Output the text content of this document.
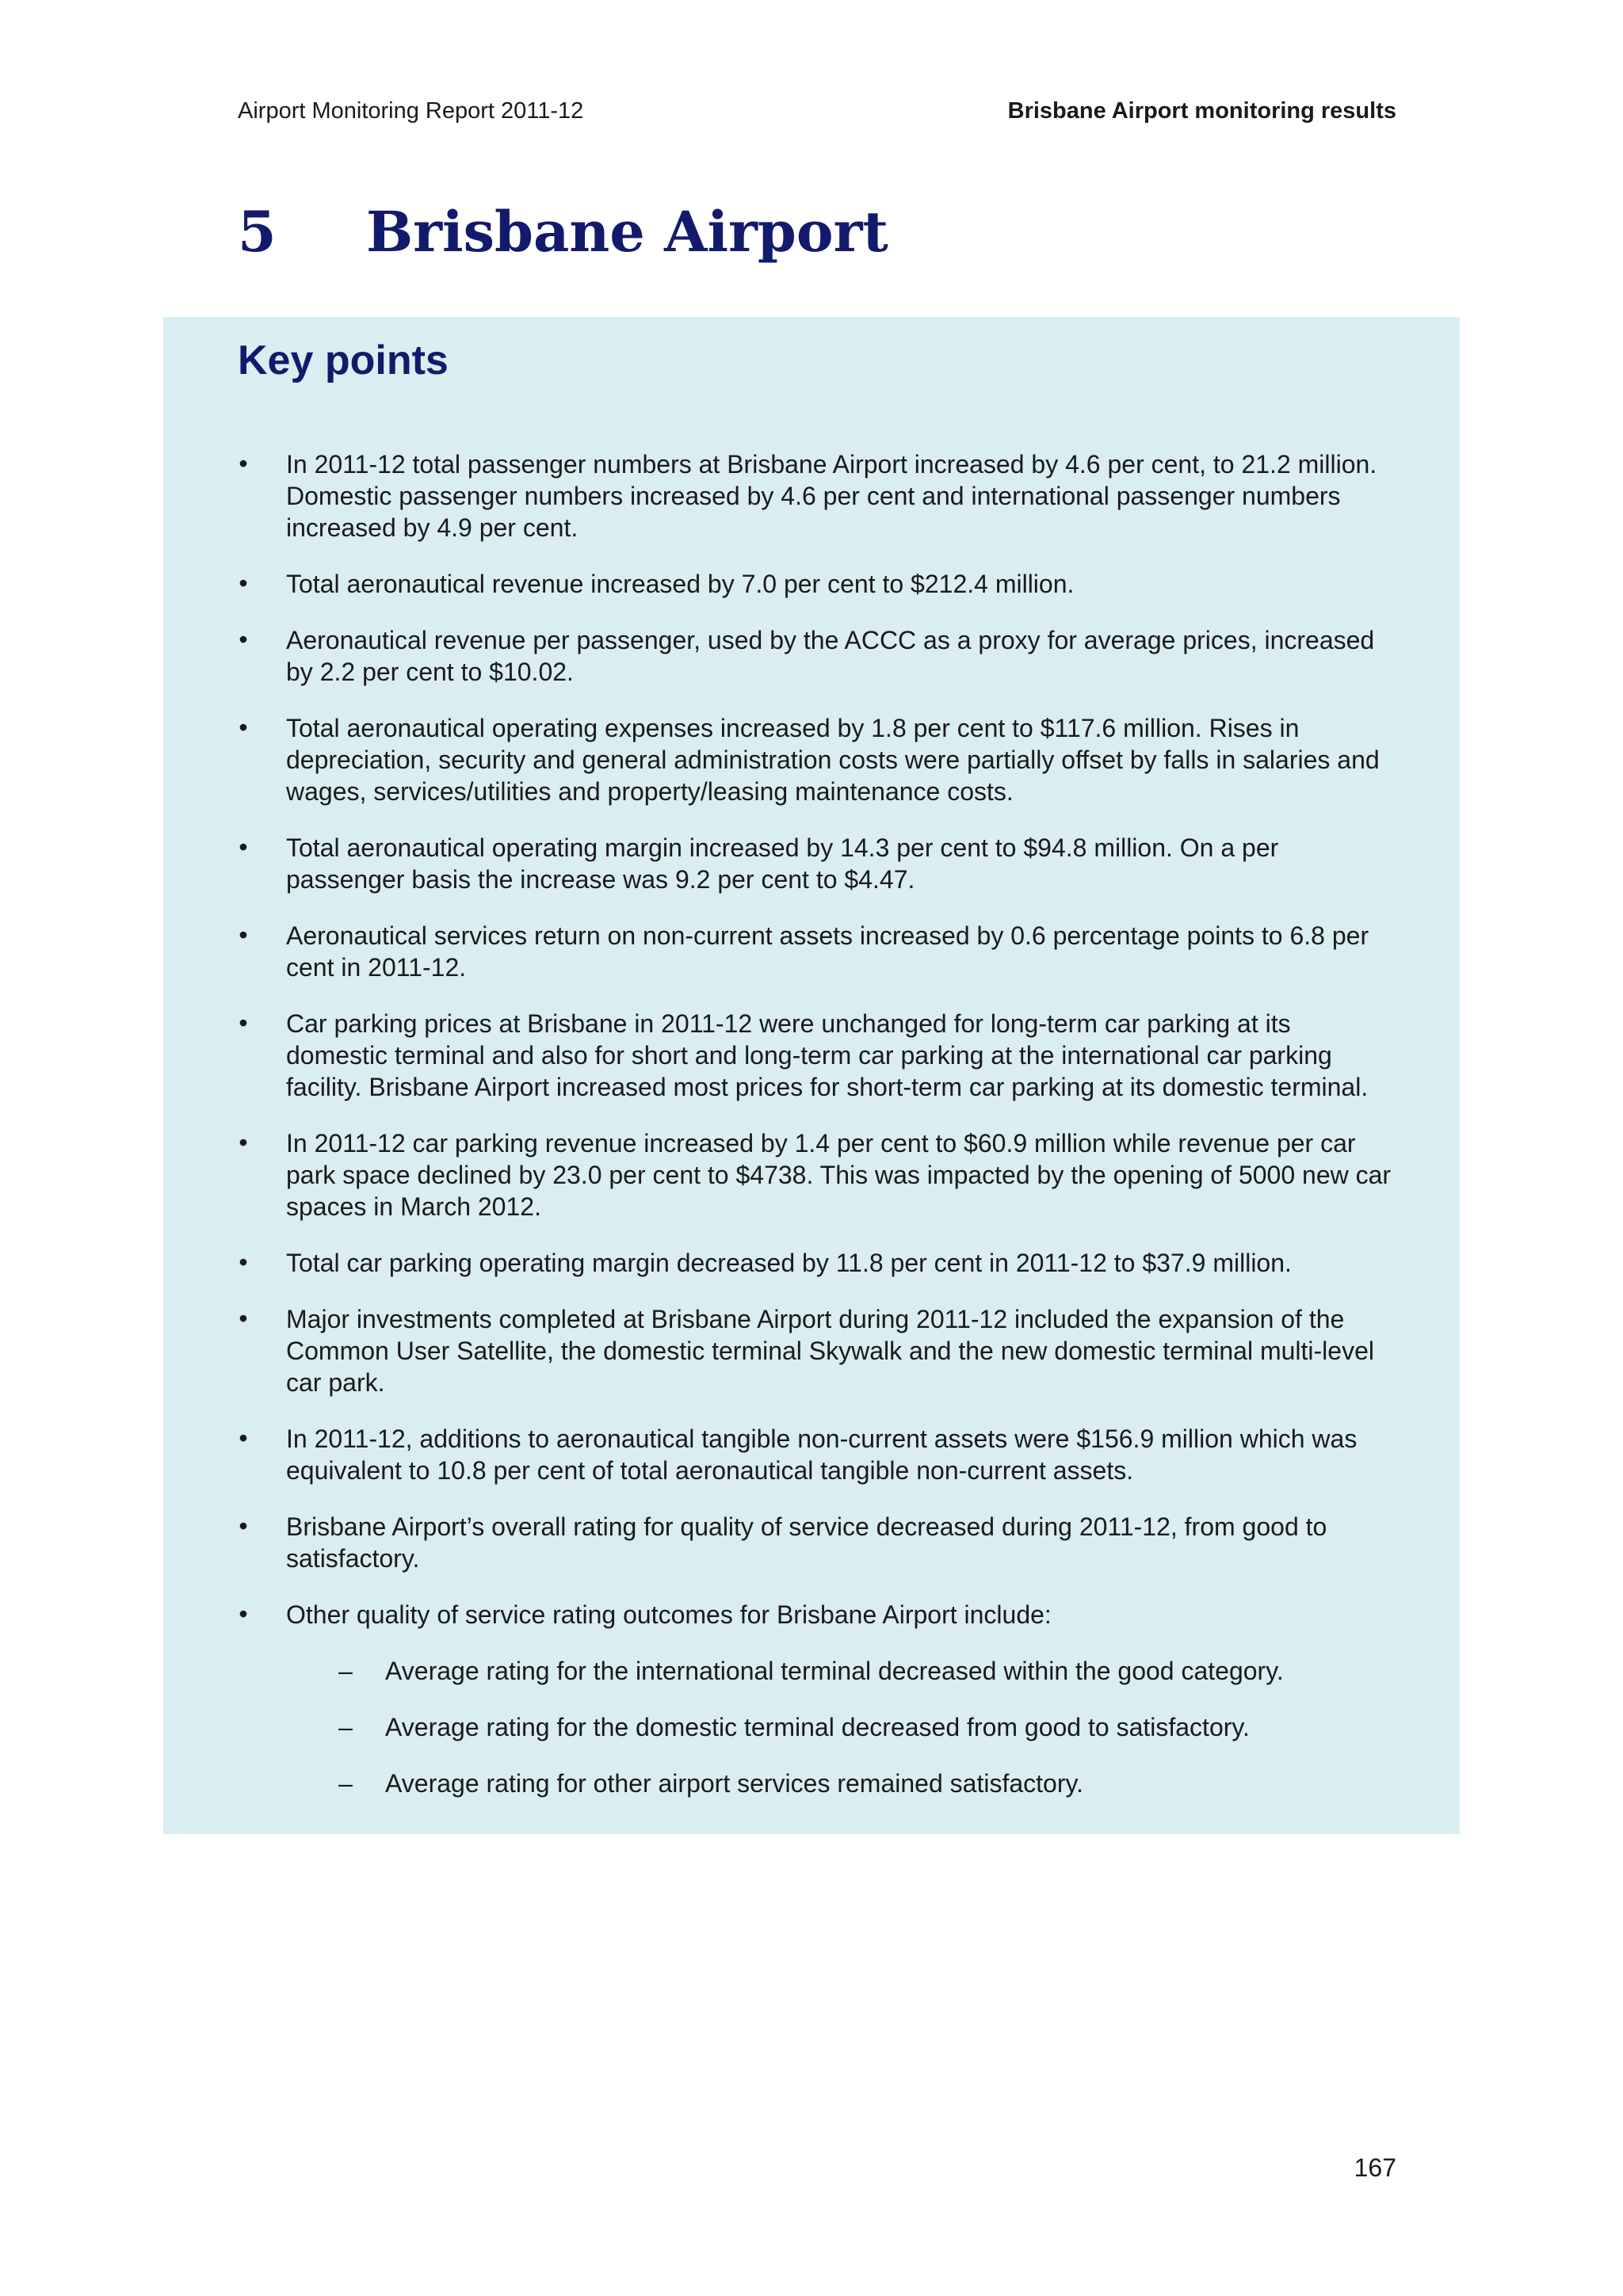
Airport Monitoring Report 2011-12	Brisbane Airport monitoring results
5 Brisbane Airport
Key points
• In 2011-12 total passenger numbers at Brisbane Airport increased by 4.6 per cent, to 21.2 million. Domestic passenger numbers increased by 4.6 per cent and international passenger numbers increased by 4.9 per cent.
• Total aeronautical revenue increased by 7.0 per cent to $212.4 million.
• Aeronautical revenue per passenger, used by the ACCC as a proxy for average prices, increased by 2.2 per cent to $10.02.
• Total aeronautical operating expenses increased by 1.8 per cent to $117.6 million. Rises in depreciation, security and general administration costs were partially offset by falls in salaries and wages, services/utilities and property/leasing maintenance costs.
• Total aeronautical operating margin increased by 14.3 per cent to $94.8 million. On a per passenger basis the increase was 9.2 per cent to $4.47.
• Aeronautical services return on non-current assets increased by 0.6 percentage points to 6.8 per cent in 2011-12.
• Car parking prices at Brisbane in 2011-12 were unchanged for long-term car parking at its domestic terminal and also for short and long-term car parking at the international car parking facility. Brisbane Airport increased most prices for short-term car parking at its domestic terminal.
• In 2011-12 car parking revenue increased by 1.4 per cent to $60.9 million while revenue per car park space declined by 23.0 per cent to $4738. This was impacted by the opening of 5000 new car spaces in March 2012.
• Total car parking operating margin decreased by 11.8 per cent in 2011-12 to $37.9 million.
• Major investments completed at Brisbane Airport during 2011-12 included the expansion of the Common User Satellite, the domestic terminal Skywalk and the new domestic terminal multi-level car park.
• In 2011-12, additions to aeronautical tangible non-current assets were $156.9 million which was equivalent to 10.8 per cent of total aeronautical tangible non-current assets.
• Brisbane Airport’s overall rating for quality of service decreased during 2011-12, from good to satisfactory.
• Other quality of service rating outcomes for Brisbane Airport include:
– Average rating for the international terminal decreased within the good category.
– Average rating for the domestic terminal decreased from good to satisfactory.
– Average rating for other airport services remained satisfactory.
167
